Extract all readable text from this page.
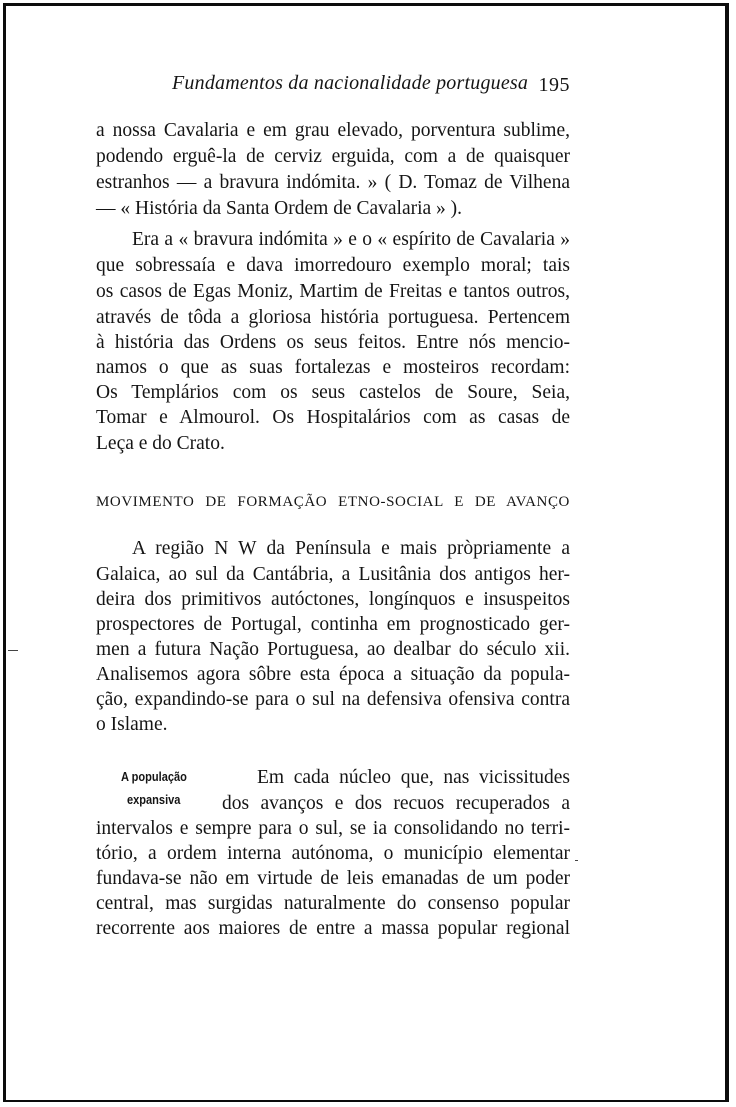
Fundamentos da nacionalidade portuguesa 195
a nossa Cavalaria e em grau elevado, porventura sublime,
podendo erguê-la de cerviz erguida, com a de quaisquer
estranhos — a bravura indómita. » ( D. Tomaz de Vilhena
— « História da Santa Ordem de Cavalaria » ).
Era a « bravura indómita » e o « espírito de Cavalaria »
que sobressaía e dava imorredouro exemplo moral; tais
os casos de Egas Moniz, Martim de Freitas e tantos outros,
através de tôda a gloriosa história portuguesa. Pertencem
à história das Ordens os seus feitos. Entre nós mencio-
namos o que as suas fortalezas e mosteiros recordam:
Os Templários com os seus castelos de Soure, Seia,
Tomar e Almourol. Os Hospitalários com as casas de
Leça e do Crato.
MOVIMENTO DE FORMAÇÃO ETNO-SOCIAL E DE AVANÇO
A região N W da Península e mais pròpriamente a
Galaica, ao sul da Cantábria, a Lusitânia dos antigos her-
deira dos primitivos autóctones, longínquos e insuspeitos
prospectores de Portugal, continha em prognosticado ger-
men a futura Nação Portuguesa, ao dealbar do século xii.
Analisemos agora sôbre esta época a situação da popula-
ção, expandindo-se para o sul na defensiva ofensiva contra
o Islame.
A população
expansiva
Em cada núcleo que, nas vicissitudes
dos avanços e dos recuos recuperados a
intervalos e sempre para o sul, se ia consolidando no terri-
tório, a ordem interna autónoma, o município elementar
fundava-se não em virtude de leis emanadas de um poder
central, mas surgidas naturalmente do consenso popular
recorrente aos maiores de entre a massa popular regional
